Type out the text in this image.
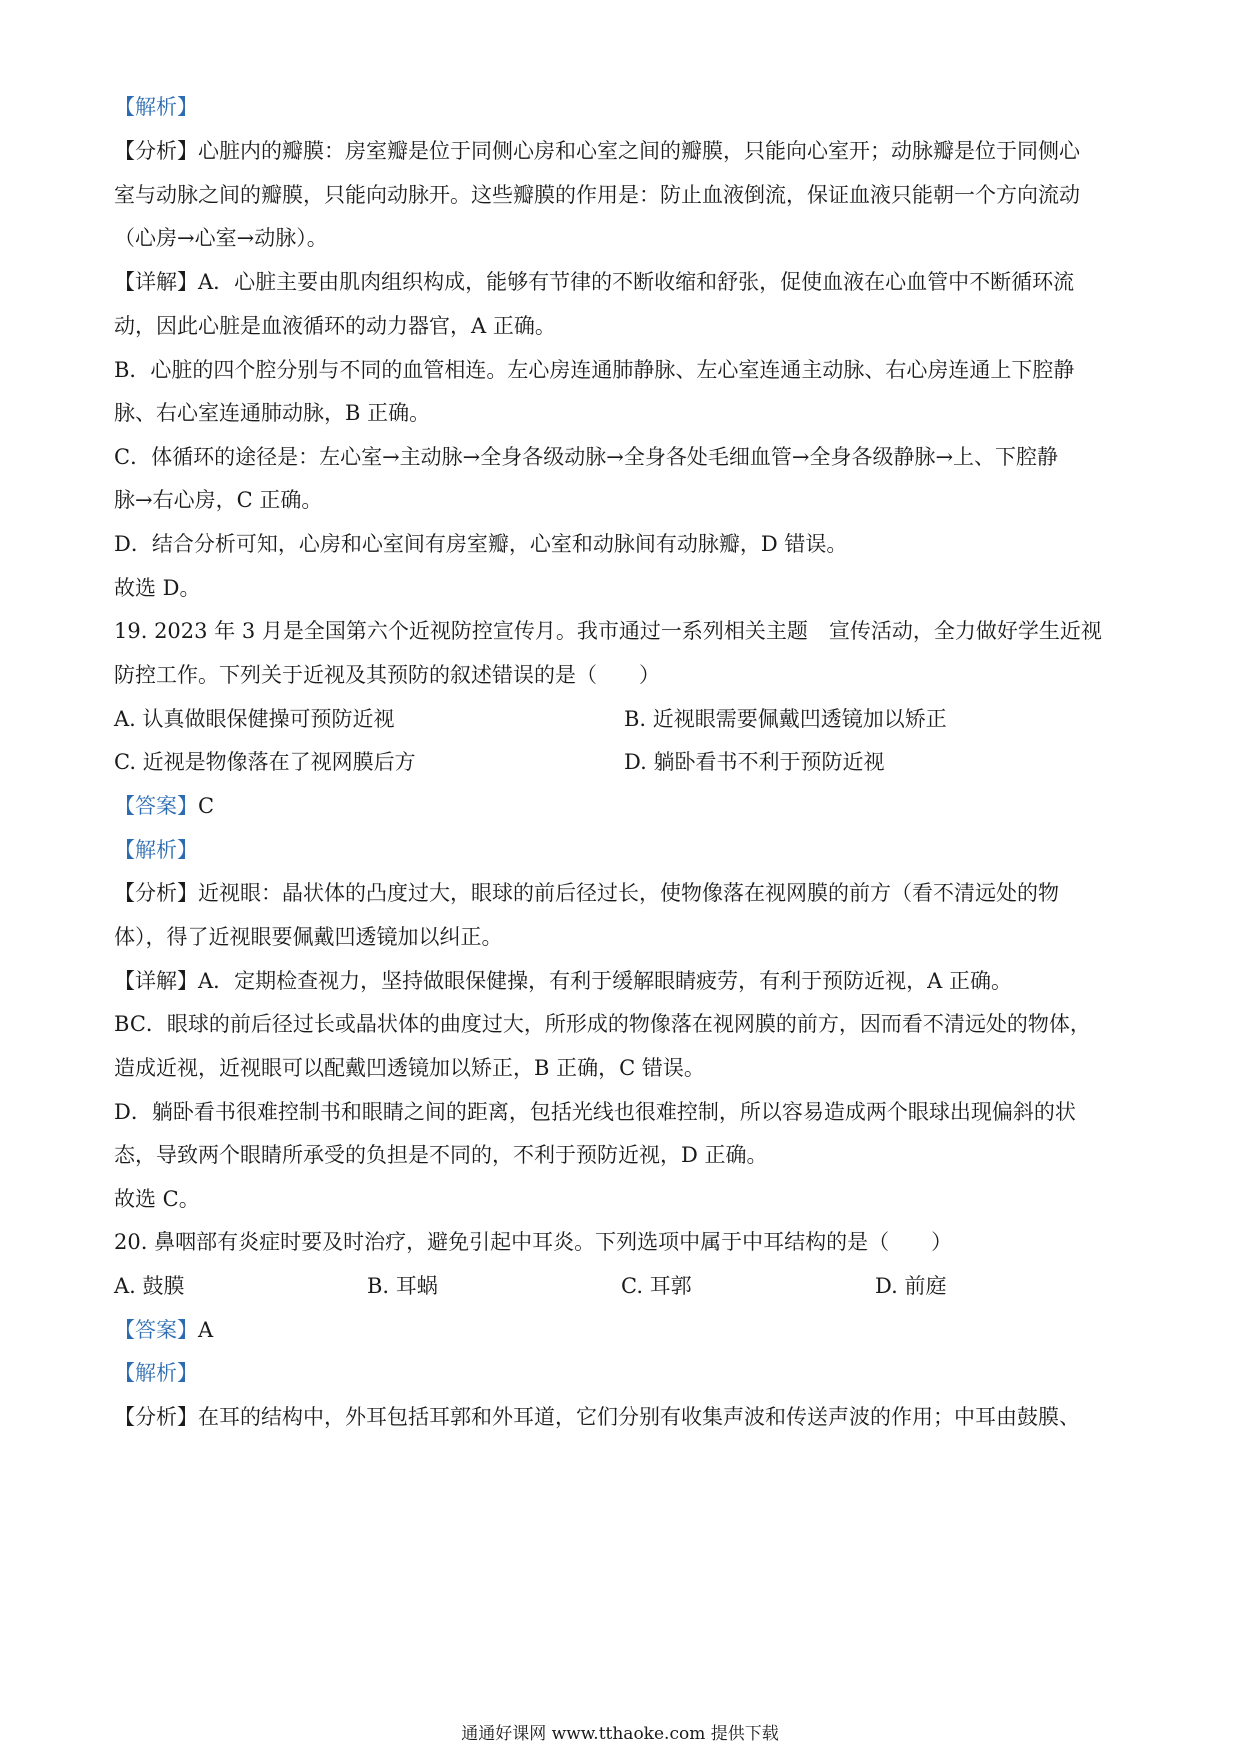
【解析】
【分析】心脏内的瓣膜：房室瓣是位于同侧心房和心室之间的瓣膜，只能向心室开；动脉瓣是位于同侧心
室与动脉之间的瓣膜，只能向动脉开。这些瓣膜的作用是：防止血液倒流，保证血液只能朝一个方向流动
（心房→心室→动脉）。
【详解】A．心脏主要由肌肉组织构成，能够有节律的不断收缩和舒张，促使血液在心血管中不断循环流
动，因此心脏是血液循环的动力器官，A 正确。
B．心脏的四个腔分别与不同的血管相连。左心房连通肺静脉、左心室连通主动脉、右心房连通上下腔静
脉、右心室连通肺动脉，B 正确。
C．体循环的途径是：左心室→主动脉→全身各级动脉→全身各处毛细血管→全身各级静脉→上、下腔静
脉→右心房，C 正确。
D．结合分析可知，心房和心室间有房室瓣，心室和动脉间有动脉瓣，D 错误。
故选 D。
19. 2023 年 3 月是全国第六个近视防控宣传月。我市通过一系列相关主题　宣传活动，全力做好学生近视
防控工作。下列关于近视及其预防的叙述错误的是（　　）
A. 认真做眼保健操可预防近视	B. 近视眼需要佩戴凹透镜加以矫正
C. 近视是物像落在了视网膜后方	D. 躺卧看书不利于预防近视
【答案】C
【解析】
【分析】近视眼：晶状体的凸度过大，眼球的前后径过长，使物像落在视网膜的前方（看不清远处的物
体），得了近视眼要佩戴凹透镜加以纠正。
【详解】A．定期检查视力，坚持做眼保健操，有利于缓解眼睛疲劳，有利于预防近视，A 正确。
BC．眼球的前后径过长或晶状体的曲度过大，所形成的物像落在视网膜的前方，因而看不清远处的物体，
造成近视，近视眼可以配戴凹透镜加以矫正，B 正确，C 错误。
D．躺卧看书很难控制书和眼睛之间的距离，包括光线也很难控制，所以容易造成两个眼球出现偏斜的状
态，导致两个眼睛所承受的负担是不同的，不利于预防近视，D 正确。
故选 C。
20. 鼻咽部有炎症时要及时治疗，避免引起中耳炎。下列选项中属于中耳结构的是（　　）
A. 鼓膜	B. 耳蜗	C. 耳郭	D. 前庭
【答案】A
【解析】
【分析】在耳的结构中，外耳包括耳郭和外耳道，它们分别有收集声波和传送声波的作用；中耳由鼓膜、
通通好课网 www.tthaoke.com 提供下载
